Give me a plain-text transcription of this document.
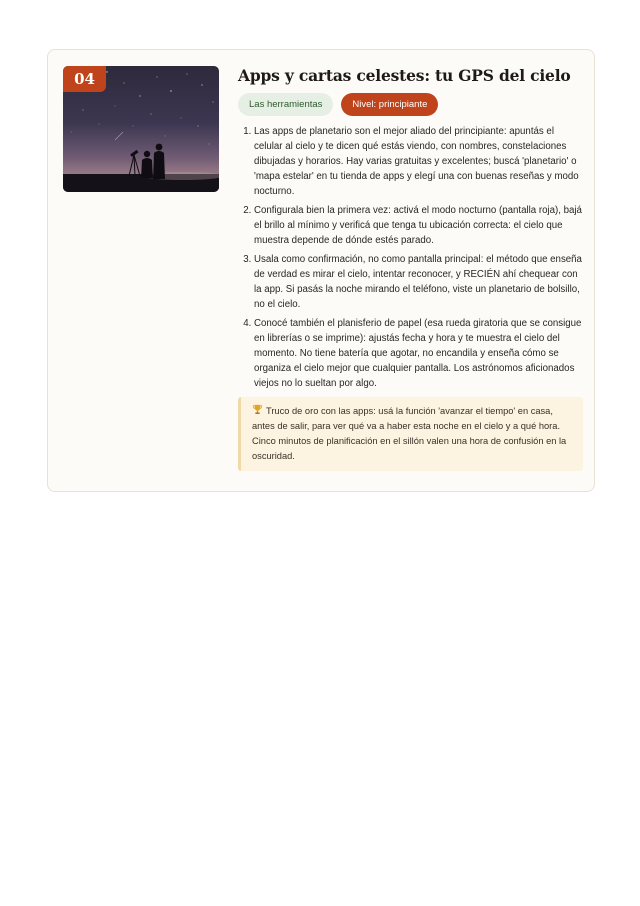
04	Apps y cartas celestes: tu GPS del cielo
Las herramientas	Nivel: principiante
1. Las apps de planetario son el mejor aliado del principiante: apuntás el celular al cielo y te dicen qué estás viendo, con nombres, constelaciones dibujadas y horarios. Hay varias gratuitas y excelentes; buscá 'planetario' o 'mapa estelar' en tu tienda de apps y elegí una con buenas reseñas y modo nocturno.
2. Configurala bien la primera vez: activá el modo nocturno (pantalla roja), bajá el brillo al mínimo y verificá que tenga tu ubicación correcta: el cielo que muestra depende de dónde estés parado.
3. Usala como confirmación, no como pantalla principal: el método que enseña de verdad es mirar el cielo, intentar reconocer, y RECIÉN ahí chequear con la app. Si pasás la noche mirando el teléfono, viste un planetario de bolsillo, no el cielo.
4. Conocé también el planisferio de papel (esa rueda giratoria que se consigue en librerías o se imprime): ajustás fecha y hora y te muestra el cielo del momento. No tiene batería que agotar, no encandila y enseña cómo se organiza el cielo mejor que cualquier pantalla. Los astrónomos aficionados viejos no lo sueltan por algo.
Truco de oro con las apps: usá la función 'avanzar el tiempo' en casa, antes de salir, para ver qué va a haber esta noche en el cielo y a qué hora. Cinco minutos de planificación en el sillón valen una hora de confusión en la oscuridad.
